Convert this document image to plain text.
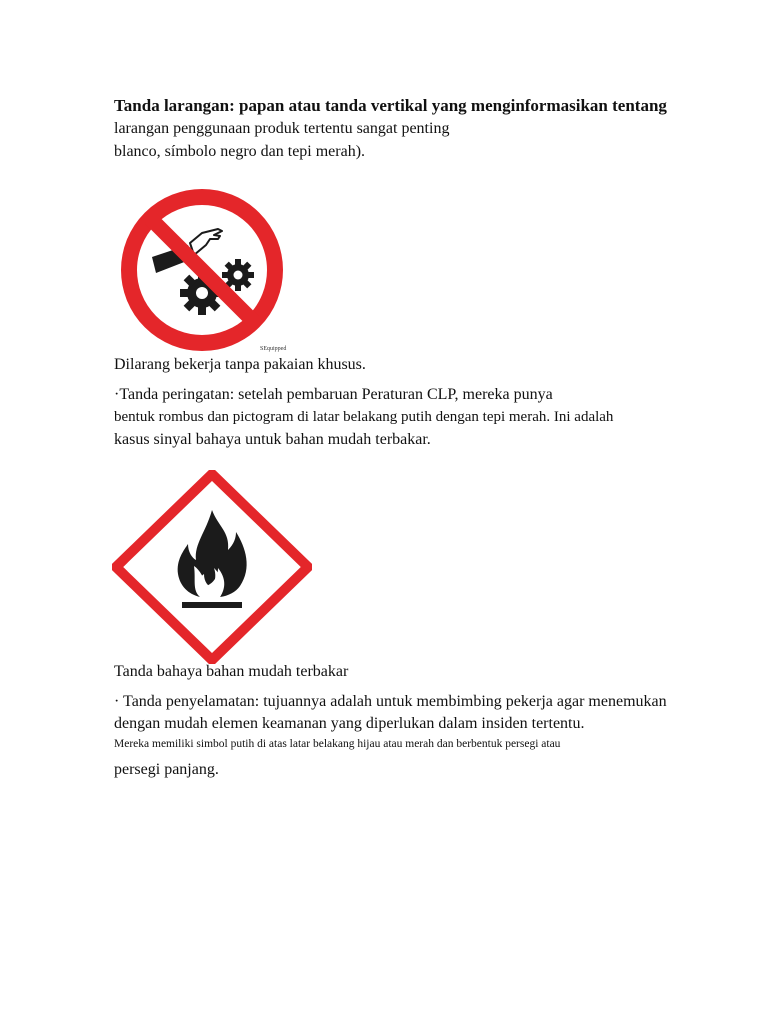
Tanda larangan: papan atau tanda vertikal yang menginformasikan tentang
larangan penggunaan produk tertentu sangat penting
blanco, símbolo negro dan tepi merah).
SEquipped
Dilarang bekerja tanpa pakaian khusus.
·Tanda peringatan: setelah pembaruan Peraturan CLP, mereka punya
bentuk rombus dan pictogram di latar belakang putih dengan tepi merah. Ini adalah
kasus sinyal bahaya untuk bahan mudah terbakar.
Tanda bahaya bahan mudah terbakar
· Tanda penyelamatan: tujuannya adalah untuk membimbing pekerja agar menemukan
dengan mudah elemen keamanan yang diperlukan dalam insiden tertentu.
Mereka memiliki simbol putih di atas latar belakang hijau atau merah dan berbentuk persegi atau
persegi panjang.
